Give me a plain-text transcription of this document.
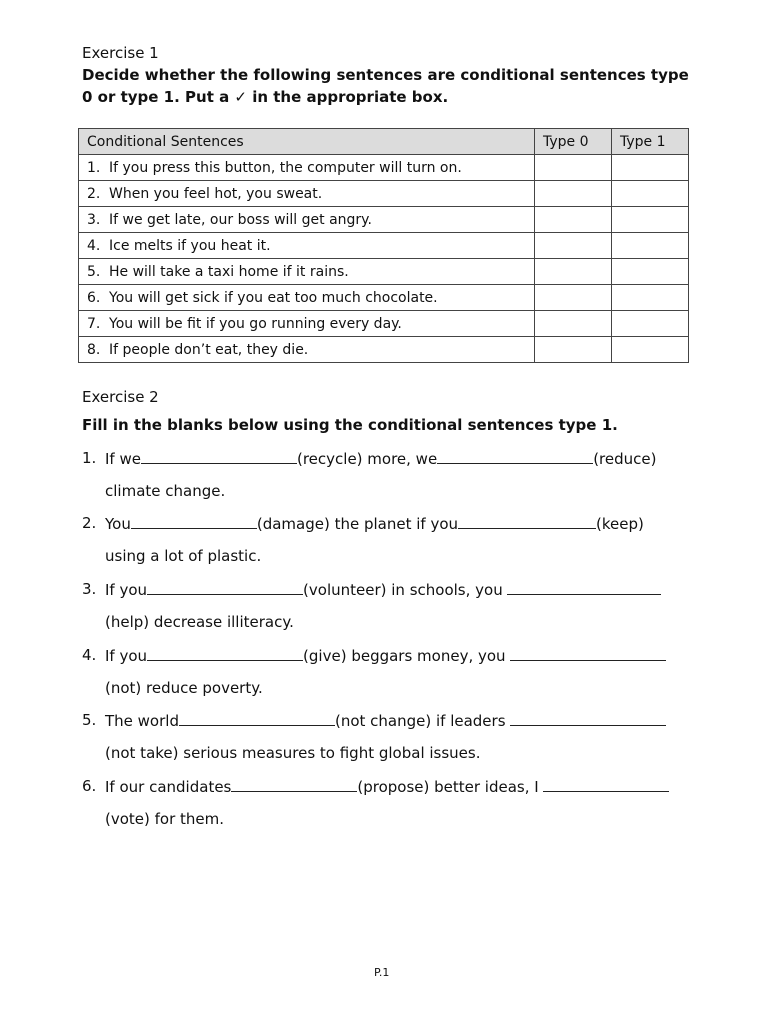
Exercise 1
Decide whether the following sentences are conditional sentences type 0 or type 1. Put a ✓ in the appropriate box.
Conditional Sentences	Type 0	Type 1
1. If you press this button, the computer will turn on.		
2. When you feel hot, you sweat.		
3. If we get late, our boss will get angry.		
4. Ice melts if you heat it.		
5. He will take a taxi home if it rains.		
6. You will get sick if you eat too much chocolate.		
7. You will be fit if you go running every day.		
8. If people don’t eat, they die.		
Exercise 2
Fill in the blanks below using the conditional sentences type 1.
1. If we	(recycle) more, we	(reduce)
climate change.
2. You	(damage) the planet if you	(keep)
using a lot of plastic.
3. If you	(volunteer) in schools, you
(help) decrease illiteracy.
4. If you	(give) beggars money, you
(not) reduce poverty.
5. The world	(not change) if leaders
(not take) serious measures to fight global issues.
6. If our candidates	(propose) better ideas, I
(vote) for them.
P.1
